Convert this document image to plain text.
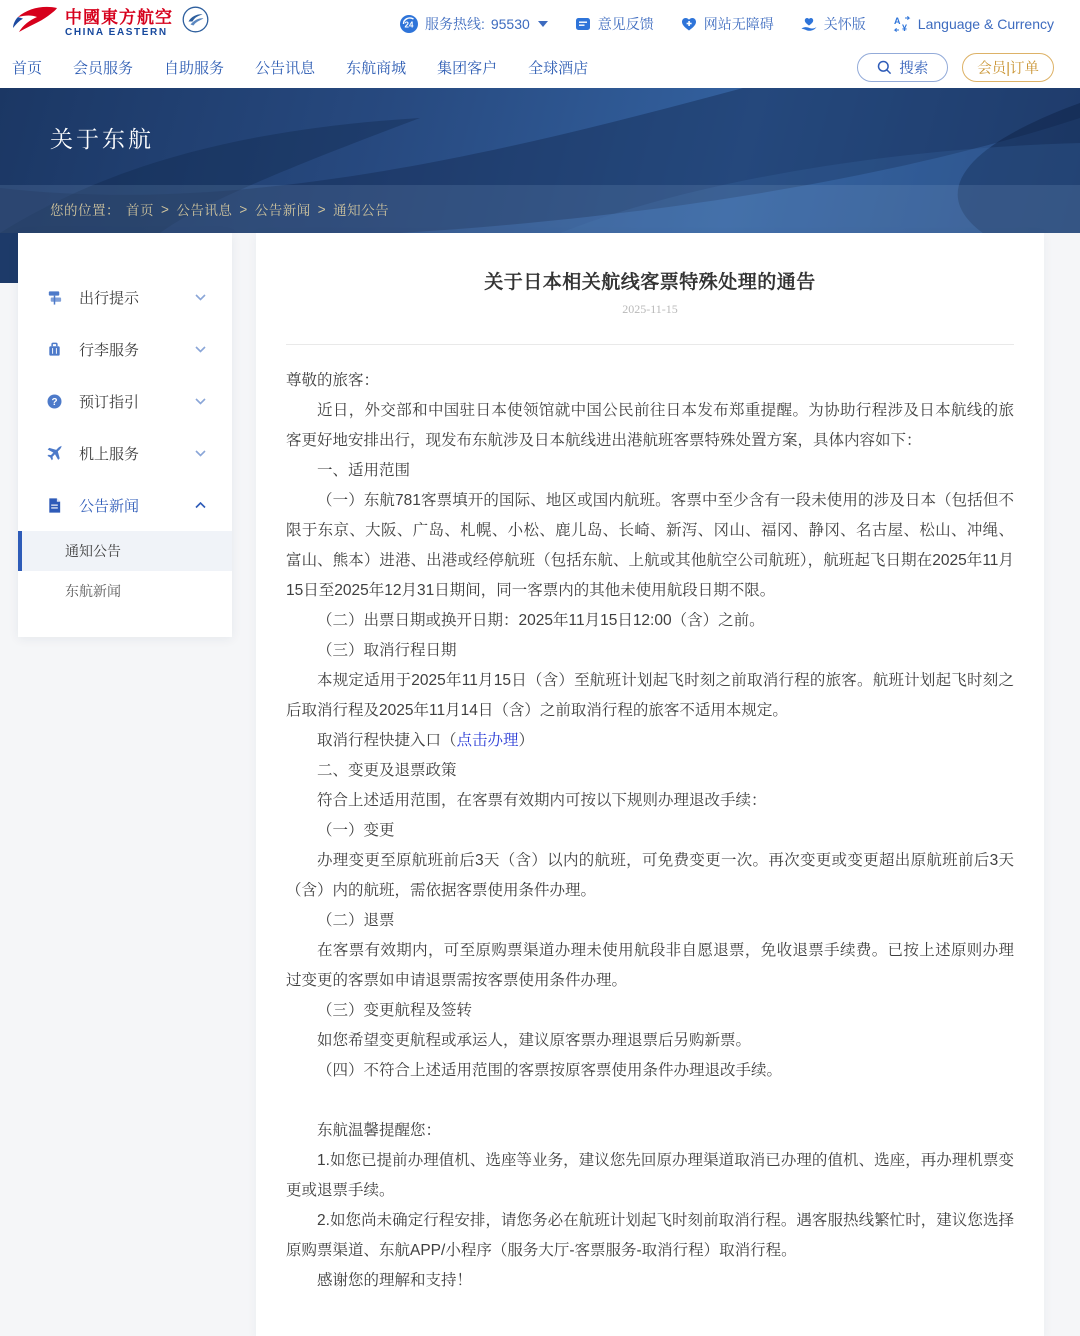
中國東方航空
CHINA EASTERN
24 服务热线: 95530	意见反馈	网站无障碍	关怀版	A
¥ Language & Currency
首页 会员服务 自助服务 公告讯息 东航商城 集团客户 全球酒店	搜索	会员|订单
关于东航
您的位置： 首页 > 公告讯息 > 公告新闻 > 通知公告
出行提示
行李服务
? 预订指引
机上服务
公告新闻
通知公告
东航新闻
关于日本相关航线客票特殊处理的通告
2025-11-15

尊敬的旅客：

近日，外交部和中国驻日本使领馆就中国公民前往日本发布郑重提醒。为协助行程涉及日本航线的旅客更好地安排出行，现发布东航涉及日本航线进出港航班客票特殊处置方案，具体内容如下：

一、适用范围

（一）东航781客票填开的国际、地区或国内航班。客票中至少含有一段未使用的涉及日本（包括但不限于东京、大阪、广岛、札幌、小松、鹿儿岛、长崎、新泻、冈山、福冈、静冈、名古屋、松山、冲绳、富山、熊本）进港、出港或经停航班（包括东航、上航或其他航空公司航班），航班起飞日期在2025年11月15日至2025年12月31日期间，同一客票内的其他未使用航段日期不限。

（二）出票日期或换开日期：2025年11月15日12:00（含）之前。

（三）取消行程日期

本规定适用于2025年11月15日（含）至航班计划起飞时刻之前取消行程的旅客。航班计划起飞时刻之后取消行程及2025年11月14日（含）之前取消行程的旅客不适用本规定。

取消行程快捷入口（点击办理）

二、变更及退票政策

符合上述适用范围，在客票有效期内可按以下规则办理退改手续：

（一）变更

办理变更至原航班前后3天（含）以内的航班，可免费变更一次。再次变更或变更超出原航班前后3天（含）内的航班，需依据客票使用条件办理。

（二）退票

在客票有效期内，可至原购票渠道办理未使用航段非自愿退票，免收退票手续费。已按上述原则办理过变更的客票如申请退票需按客票使用条件办理。

（三）变更航程及签转

如您希望变更航程或承运人，建议原客票办理退票后另购新票。

（四）不符合上述适用范围的客票按原客票使用条件办理退改手续。

东航温馨提醒您：

1.如您已提前办理值机、选座等业务，建议您先回原办理渠道取消已办理的值机、选座，再办理机票变更或退票手续。

2.如您尚未确定行程安排，请您务必在航班计划起飞时刻前取消行程。遇客服热线繁忙时，建议您选择原购票渠道、东航APP/小程序（服务大厅-客票服务-取消行程）取消行程。

感谢您的理解和支持！
